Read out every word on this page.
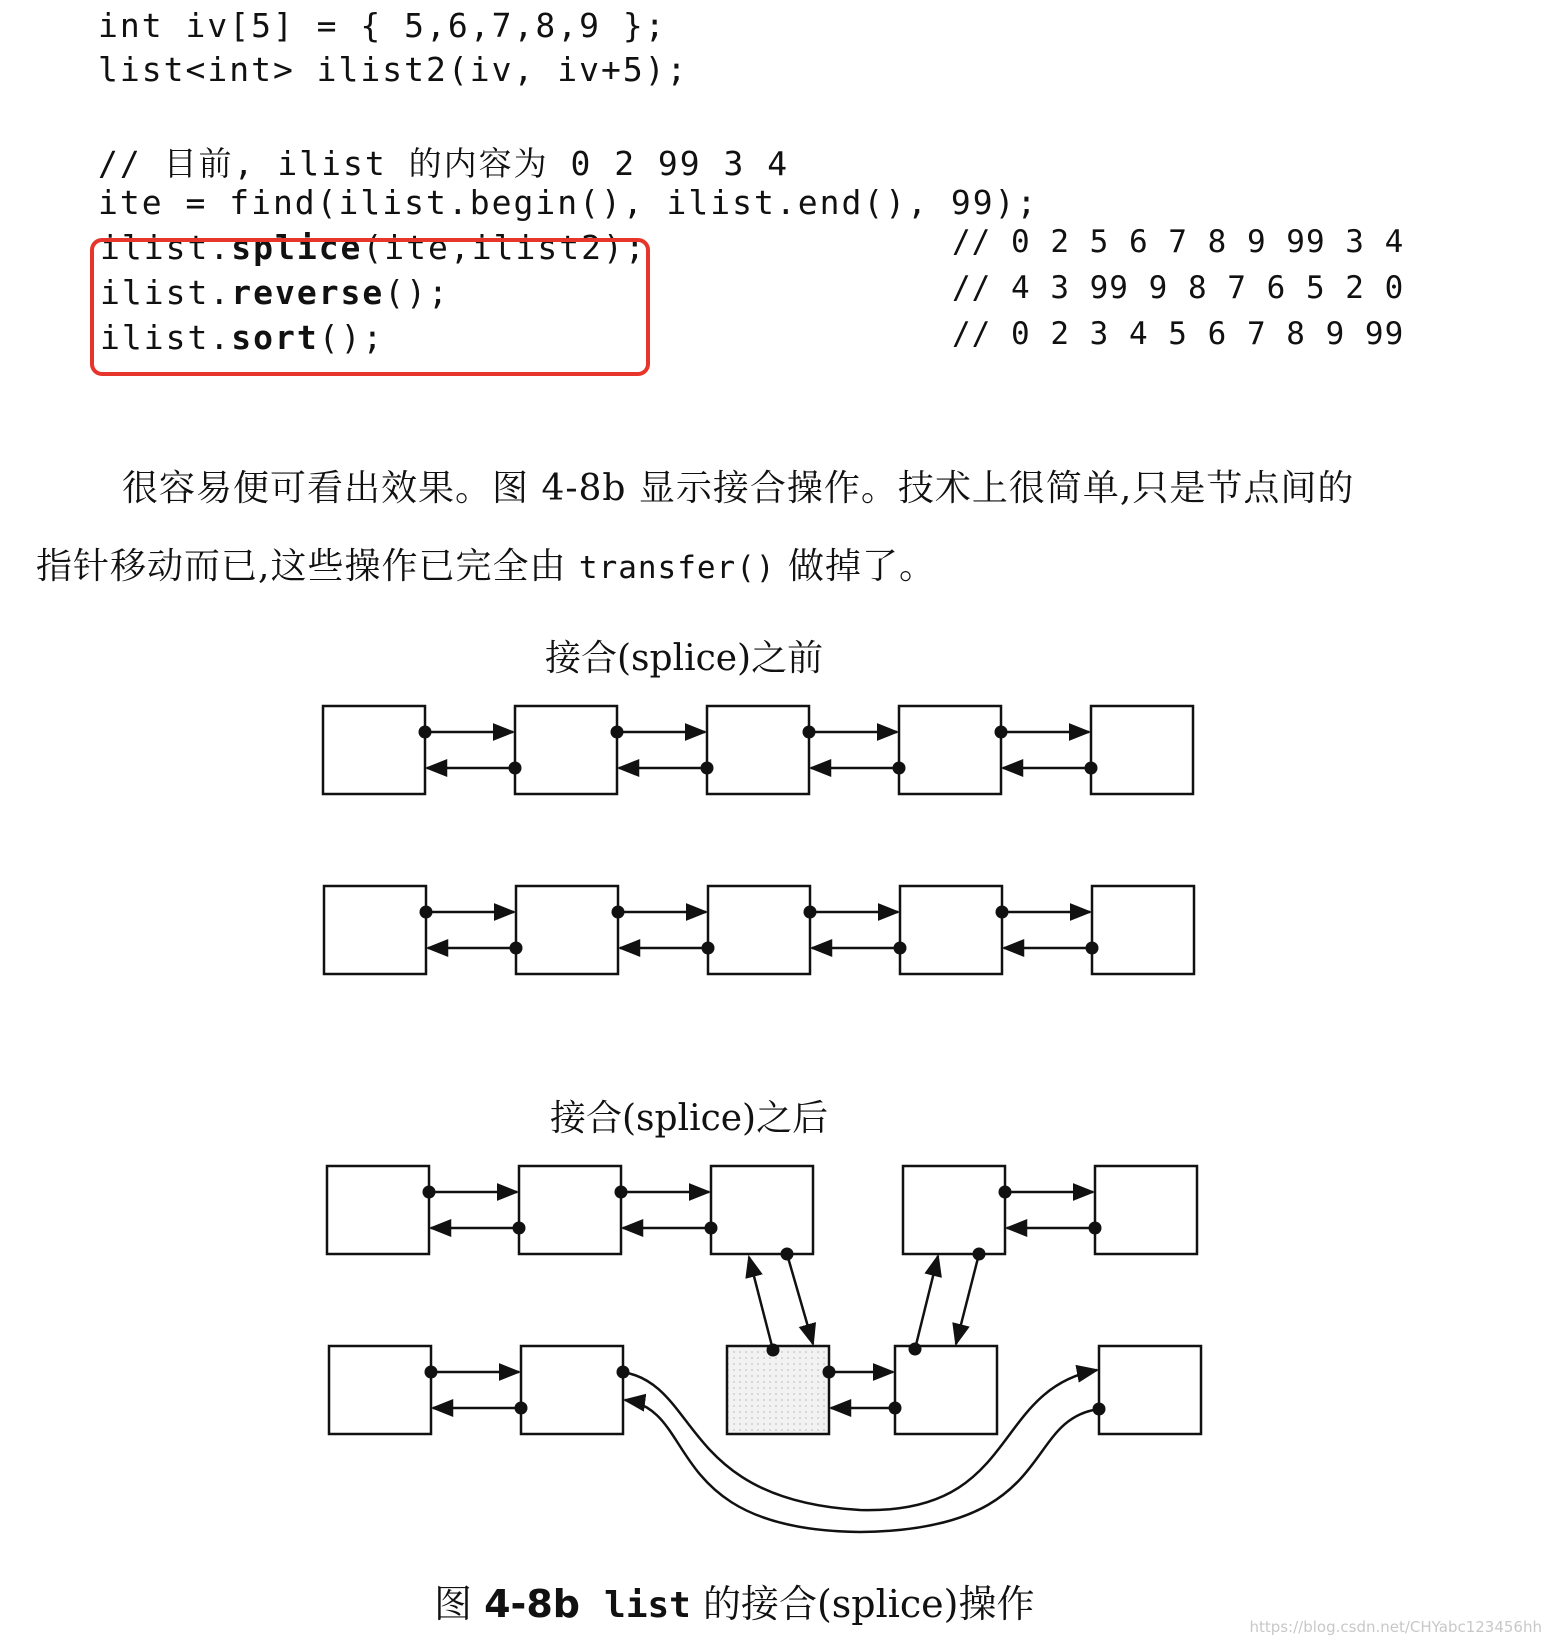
int iv[5] = { 5,6,7,8,9 };
list<int> ilist2(iv, iv+5);
// 目前, ilist 的内容为 0 2 99 3 4
ite = find(ilist.begin(), ilist.end(), 99);
ilist.splice(ite,ilist2);
ilist.reverse();
ilist.sort();
// 0 2 5 6 7 8 9 99 3 4
// 4 3 99 9 8 7 6 5 2 0
// 0 2 3 4 5 6 7 8 9 99
很容易便可看出效果。图 4-8b 显示接合操作。技术上很简单,只是节点间的
指针移动而已,这些操作已完全由 transfer() 做掉了。
接合(splice)之前
接合(splice)之后
图 4-8b list 的接合(splice)操作
https://blog.csdn.net/CHYabc123456hh
